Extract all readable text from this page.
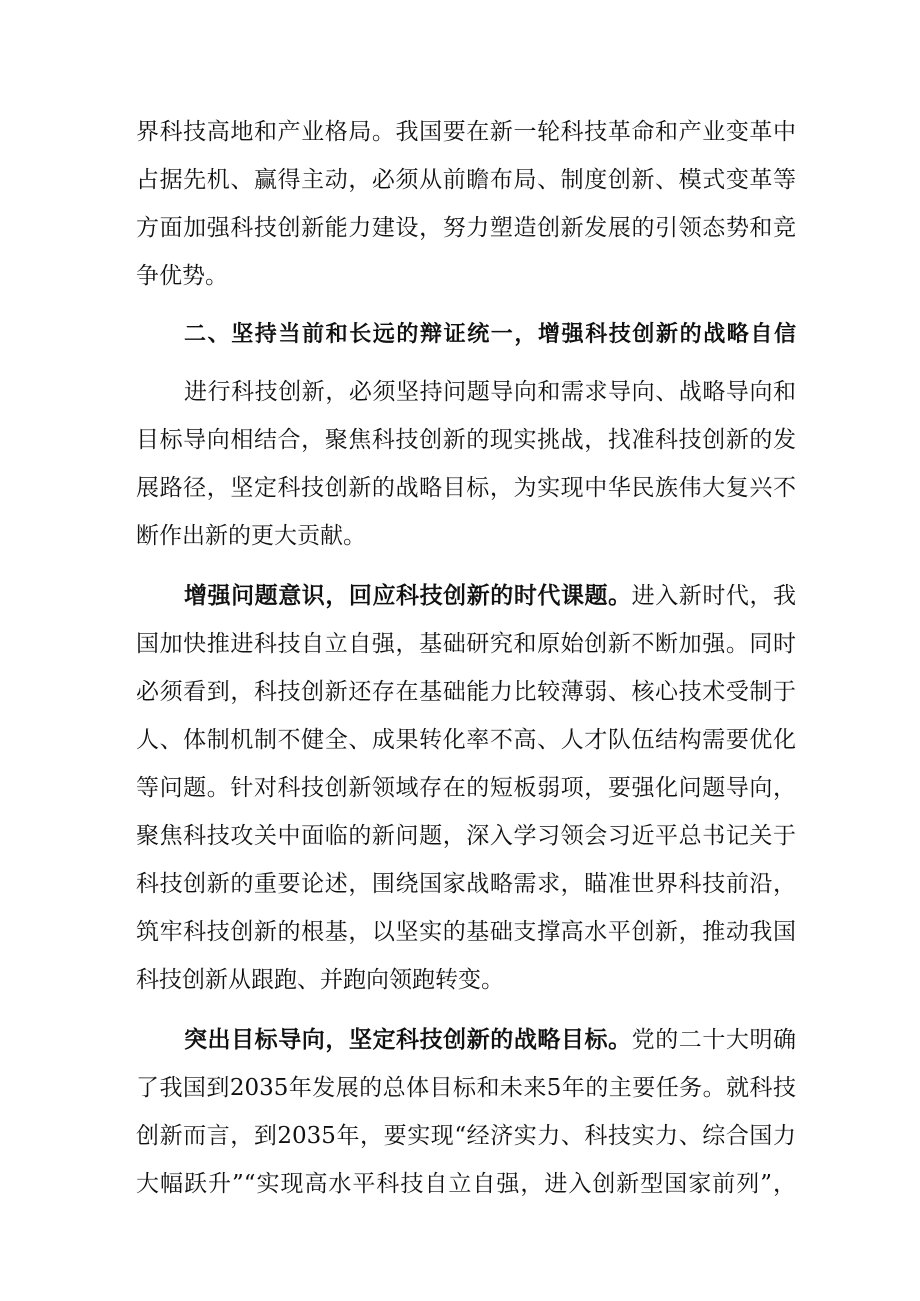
界科技高地和产业格局。我国要在新一轮科技革命和产业变革中
占据先机、赢得主动，必须从前瞻布局、制度创新、模式变革等
方面加强科技创新能力建设，努力塑造创新发展的引领态势和竞
争优势。
二、坚持当前和长远的辩证统一，增强科技创新的战略自信
进行科技创新，必须坚持问题导向和需求导向、战略导向和
目标导向相结合，聚焦科技创新的现实挑战，找准科技创新的发
展路径，坚定科技创新的战略目标，为实现中华民族伟大复兴不
断作出新的更大贡献。
增强问题意识，回应科技创新的时代课题。进入新时代，我
国加快推进科技自立自强，基础研究和原始创新不断加强。同时
必须看到，科技创新还存在基础能力比较薄弱、核心技术受制于
人、体制机制不健全、成果转化率不高、人才队伍结构需要优化
等问题。针对科技创新领域存在的短板弱项，要强化问题导向，
聚焦科技攻关中面临的新问题，深入学习领会习近平总书记关于
科技创新的重要论述，围绕国家战略需求，瞄准世界科技前沿，
筑牢科技创新的根基，以坚实的基础支撑高水平创新，推动我国
科技创新从跟跑、并跑向领跑转变。
突出目标导向，坚定科技创新的战略目标。党的二十大明确
了我国到2035年发展的总体目标和未来5年的主要任务。就科技
创新而言，到2035年，要实现“经济实力、科技实力、综合国力
大幅跃升”“实现高水平科技自立自强，进入创新型国家前列”，
